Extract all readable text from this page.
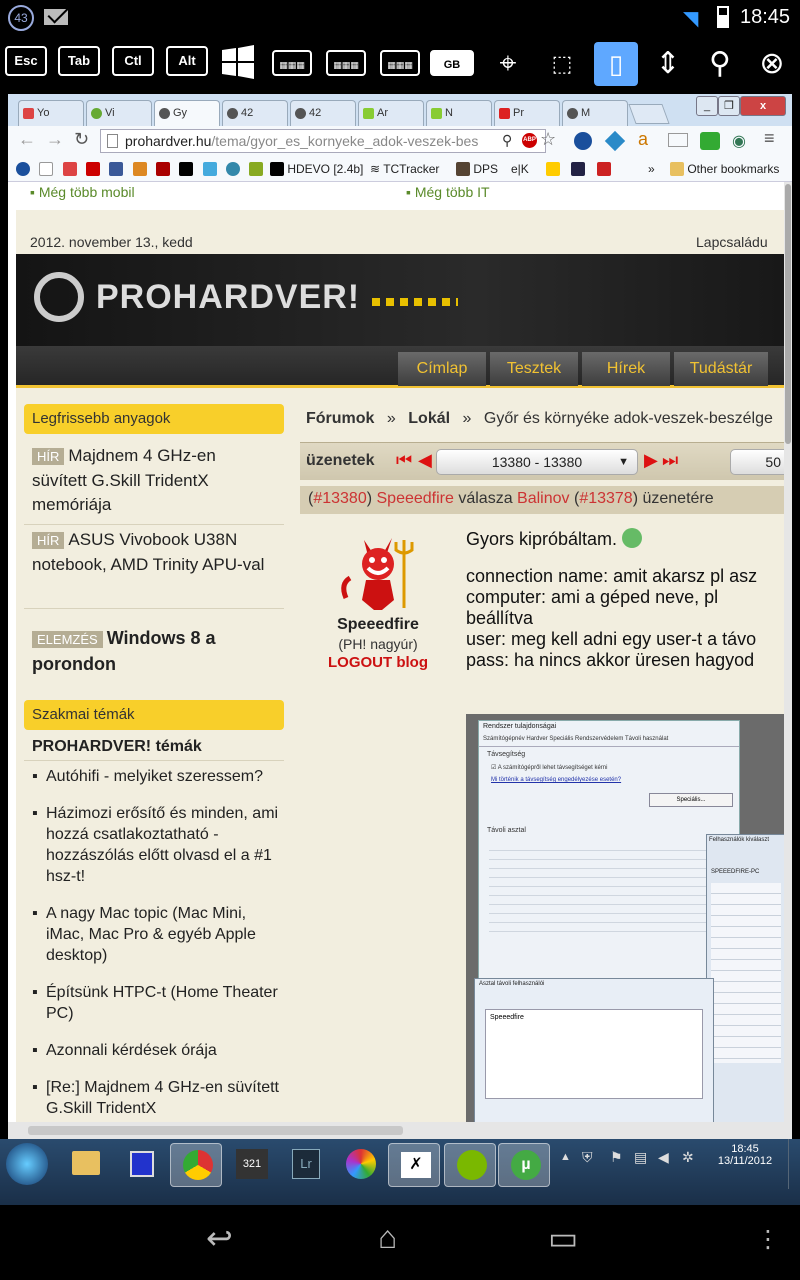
43	◥ 18:45
Esc	Tab	Ctl	Alt	▦▦▦	▦▦▦	▦▦▦	GB	⌖	⬚	▯	⇕ ⚲ ⊗
Yo	Vi	Gy	42	42	Ar	N	Pr	M
_	❐	x
← → ↻	prohardver.hu/tema/gyor_es_kornyeke_adok-veszek-bes	⚲ ABP ☆	a	◉ ≡

HDEVO [2.4b] ≋ TCTracker	DPS e|K
	»	Other bookmarks
▪ Még több mobil	▪ Még több IT
2012. november 13., kedd	Lapcsaládu
PROHARDVER!
Címlap	Tesztek	Hírek	Tudástár
Legfrissebb anyagok
HÍR Majdnem 4 GHz-en süvített G.Skill TridentX memóriája
HÍR ASUS Vivobook U38N notebook, AMD Trinity APU-val
ELEMZÉS Windows 8 a porondon
Szakmai témák
PROHARDVER! témák
▪ Autóhifi - melyiket szeressem?
▪ Házimozi erősítő és minden, ami hozzá csatlakoztatható - hozzászólás előtt olvasd el a #1 hsz-t!
▪ A nagy Mac topic (Mac Mini, iMac, Mac Pro & egyéb Apple desktop)
▪ Építsünk HTPC-t (Home Theater PC)
▪ Azonnali kérdések órája
▪ [Re:] Majdnem 4 GHz-en süvített G.Skill TridentX
Fórumok » Lokál » Győr és környéke adok-veszek-beszélge
üzenetek ⏮ ◀	13380 - 13380	▼ ▶ ⏭	50
(#13380) Speeedfire válasza Balinov (#13378) üzenetére
Speeedfire
(PH! nagyúr)
LOGOUT blog
Gyors kipróbáltam.
connection name: amit akarsz pl asz
computer: ami a géped neve, pl
beállítva
user: meg kell adni egy user-t a távo
pass: ha nincs akkor üresen hagyod
Rendszer tulajdonságai
Számítógépnév Hardver Speciális Rendszervédelem Távoli használat
Távsegítség
☑ A számítógépről lehet távsegítséget kérni
Mi történik a távsegítség engedélyezése esetén?
Speciális...
Távoli asztal
Felhasználók kiválaszt
SPEEEDFIRE-PC
Asztal távoli felhasználói
Speeedfire
321	Lr	✗	µ	▲ ⛨ ⚑ ▤ ◀ ✲	18:45
13/11/2012
↩	⌂	▭	⋮
